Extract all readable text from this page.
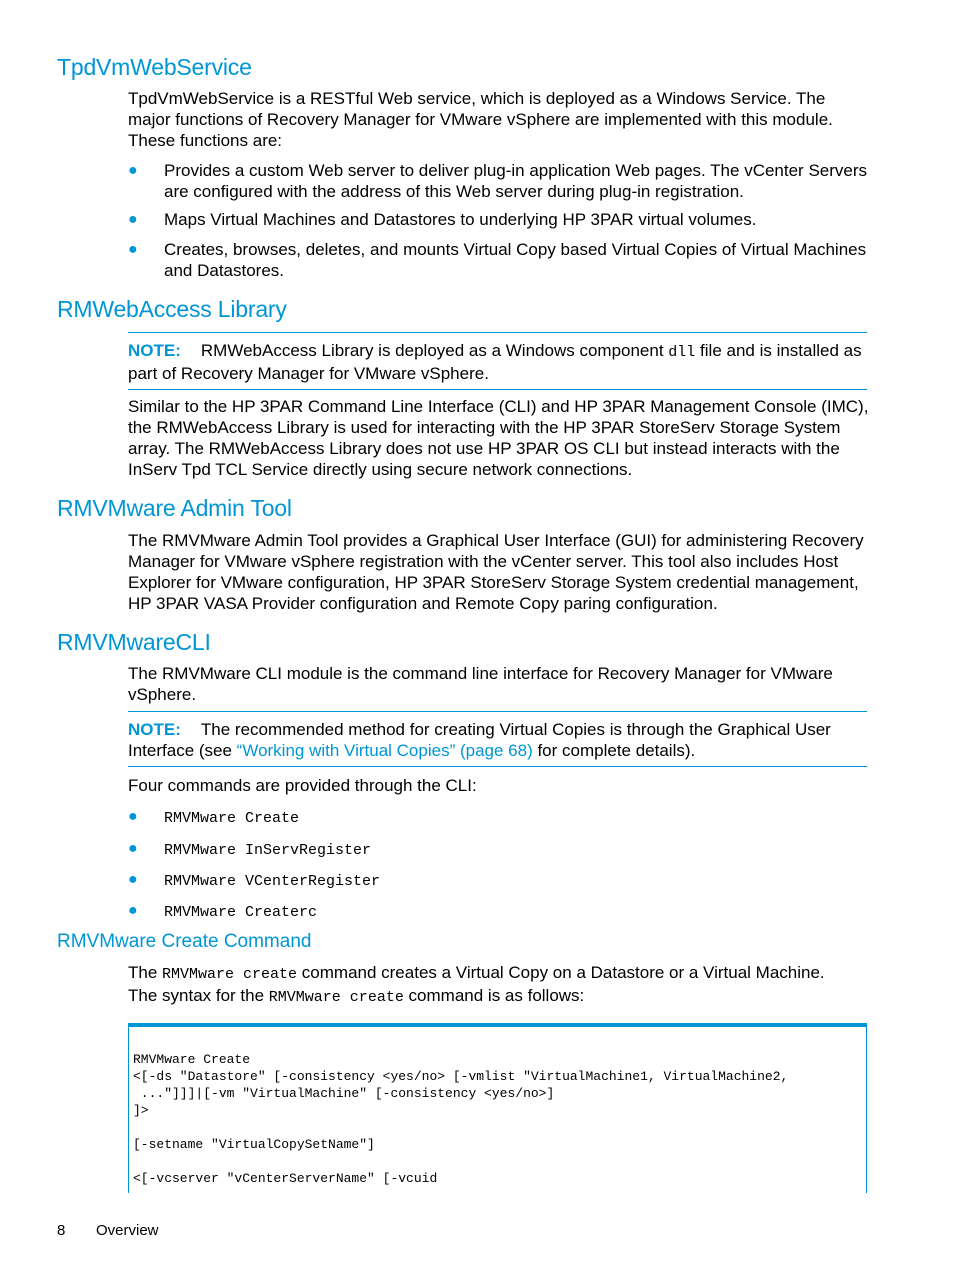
TpdVmWebService
TpdVmWebService is a RESTful Web service, which is deployed as a Windows Service. The major functions of Recovery Manager for VMware vSphere are implemented with this module. These functions are:
● Provides a custom Web server to deliver plug-in application Web pages. The vCenter Servers are configured with the address of this Web server during plug-in registration.
● Maps Virtual Machines and Datastores to underlying HP 3PAR virtual volumes.
● Creates, browses, deletes, and mounts Virtual Copy based Virtual Copies of Virtual Machines and Datastores.
RMWebAccess Library
NOTE: RMWebAccess Library is deployed as a Windows component dll file and is installed as part of Recovery Manager for VMware vSphere.
Similar to the HP 3PAR Command Line Interface (CLI) and HP 3PAR Management Console (IMC), the RMWebAccess Library is used for interacting with the HP 3PAR StoreServ Storage System array. The RMWebAccess Library does not use HP 3PAR OS CLI but instead interacts with the InServ Tpd TCL Service directly using secure network connections.
RMVMware Admin Tool
The RMVMware Admin Tool provides a Graphical User Interface (GUI) for administering Recovery Manager for VMware vSphere registration with the vCenter server. This tool also includes Host Explorer for VMware configuration, HP 3PAR StoreServ Storage System credential management, HP 3PAR VASA Provider configuration and Remote Copy paring configuration.
RMVMwareCLI
The RMVMware CLI module is the command line interface for Recovery Manager for VMware vSphere.
NOTE: The recommended method for creating Virtual Copies is through the Graphical User Interface (see “Working with Virtual Copies” (page 68) for complete details).
Four commands are provided through the CLI:
● RMVMware Create
● RMVMware InServRegister
● RMVMware VCenterRegister
● RMVMware Createrc
RMVMware Create Command
The RMVMware create command creates a Virtual Copy on a Datastore or a Virtual Machine.
The syntax for the RMVMware create command is as follows:
RMVMware Create
<[-ds "Datastore" [-consistency <yes/no> [-vmlist "VirtualMachine1, VirtualMachine2,
..."]]]|[-vm "VirtualMachine" [-consistency <yes/no>]
]>

[-setname "VirtualCopySetName"]

<[-vcserver "vCenterServerName" [-vcuid
8 Overview
